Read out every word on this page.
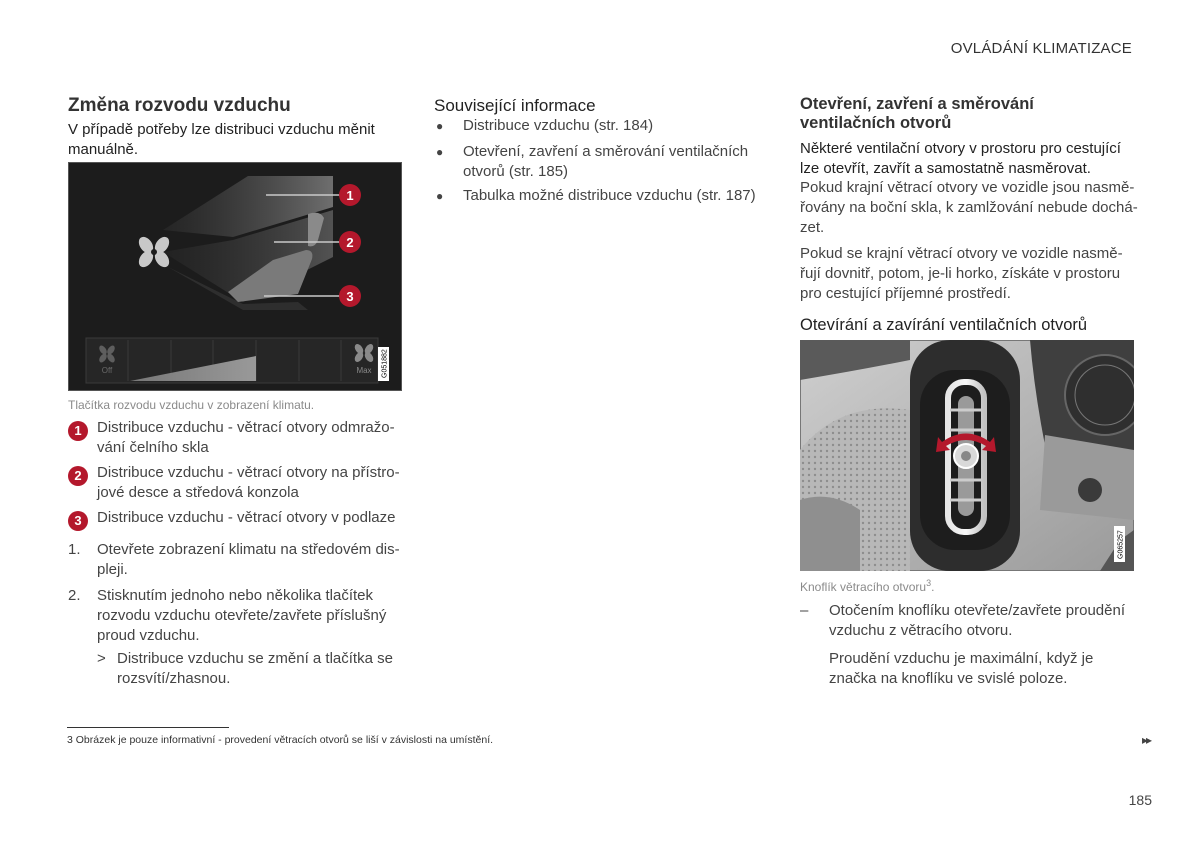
OVLÁDÁNÍ KLIMATIZACE
Změna rozvodu vzduchu

V případě potřeby lze distribuci vzduchu měnit manuálně.

1
2
3
Off	Max G051882

Tlačítka rozvodu vzduchu v zobrazení klimatu.

1	Distribuce vzduchu - větrací otvory odmražo-
vání čelního skla
2	Distribuce vzduchu - větrací otvory na přístro-
jové desce a středová konzola
3	Distribuce vzduchu - větrací otvory v podlaze
1. Otevřete zobrazení klimatu na středovém dis-
pleji.
2. Stisknutím jednoho nebo několika tlačítek
rozvodu vzduchu otevřete/zavřete příslušný
proud vzduchu.
> Distribuce vzduchu se změní a tlačítka se
rozsvítí/zhasnou.
Související informace
● Distribuce vzduchu (str. 184)
● Otevření, zavření a směrování ventilačních
otvorů (str. 185)
● Tabulka možné distribuce vzduchu (str. 187)
Otevření, zavření a směrování
ventilačních otvorů
Některé ventilační otvory v prostoru pro cestující
lze otevřít, zavřít a samostatně nasměrovat.
Pokud krajní větrací otvory ve vozidle jsou nasmě-
řovány na boční skla, k zamlžování nebude dochá-
zet.
Pokud se krajní větrací otvory ve vozidle nasmě-
řují dovnitř, potom, je-li horko, získáte v prostoru
pro cestující příjemné prostředí.
Otevírání a zavírání ventilačních otvorů
G065257

Knoflík větracího otvoru$^3$.

– Otočením knoflíku otevřete/zavřete proudění
vzduchu z větracího otvoru.
Proudění vzduchu je maximální, když je
značka na knoflíku ve svislé poloze.
3 Obrázek je pouze informativní - provedení větracích otvorů se liší v závislosti na umístění.	▸▸
185
